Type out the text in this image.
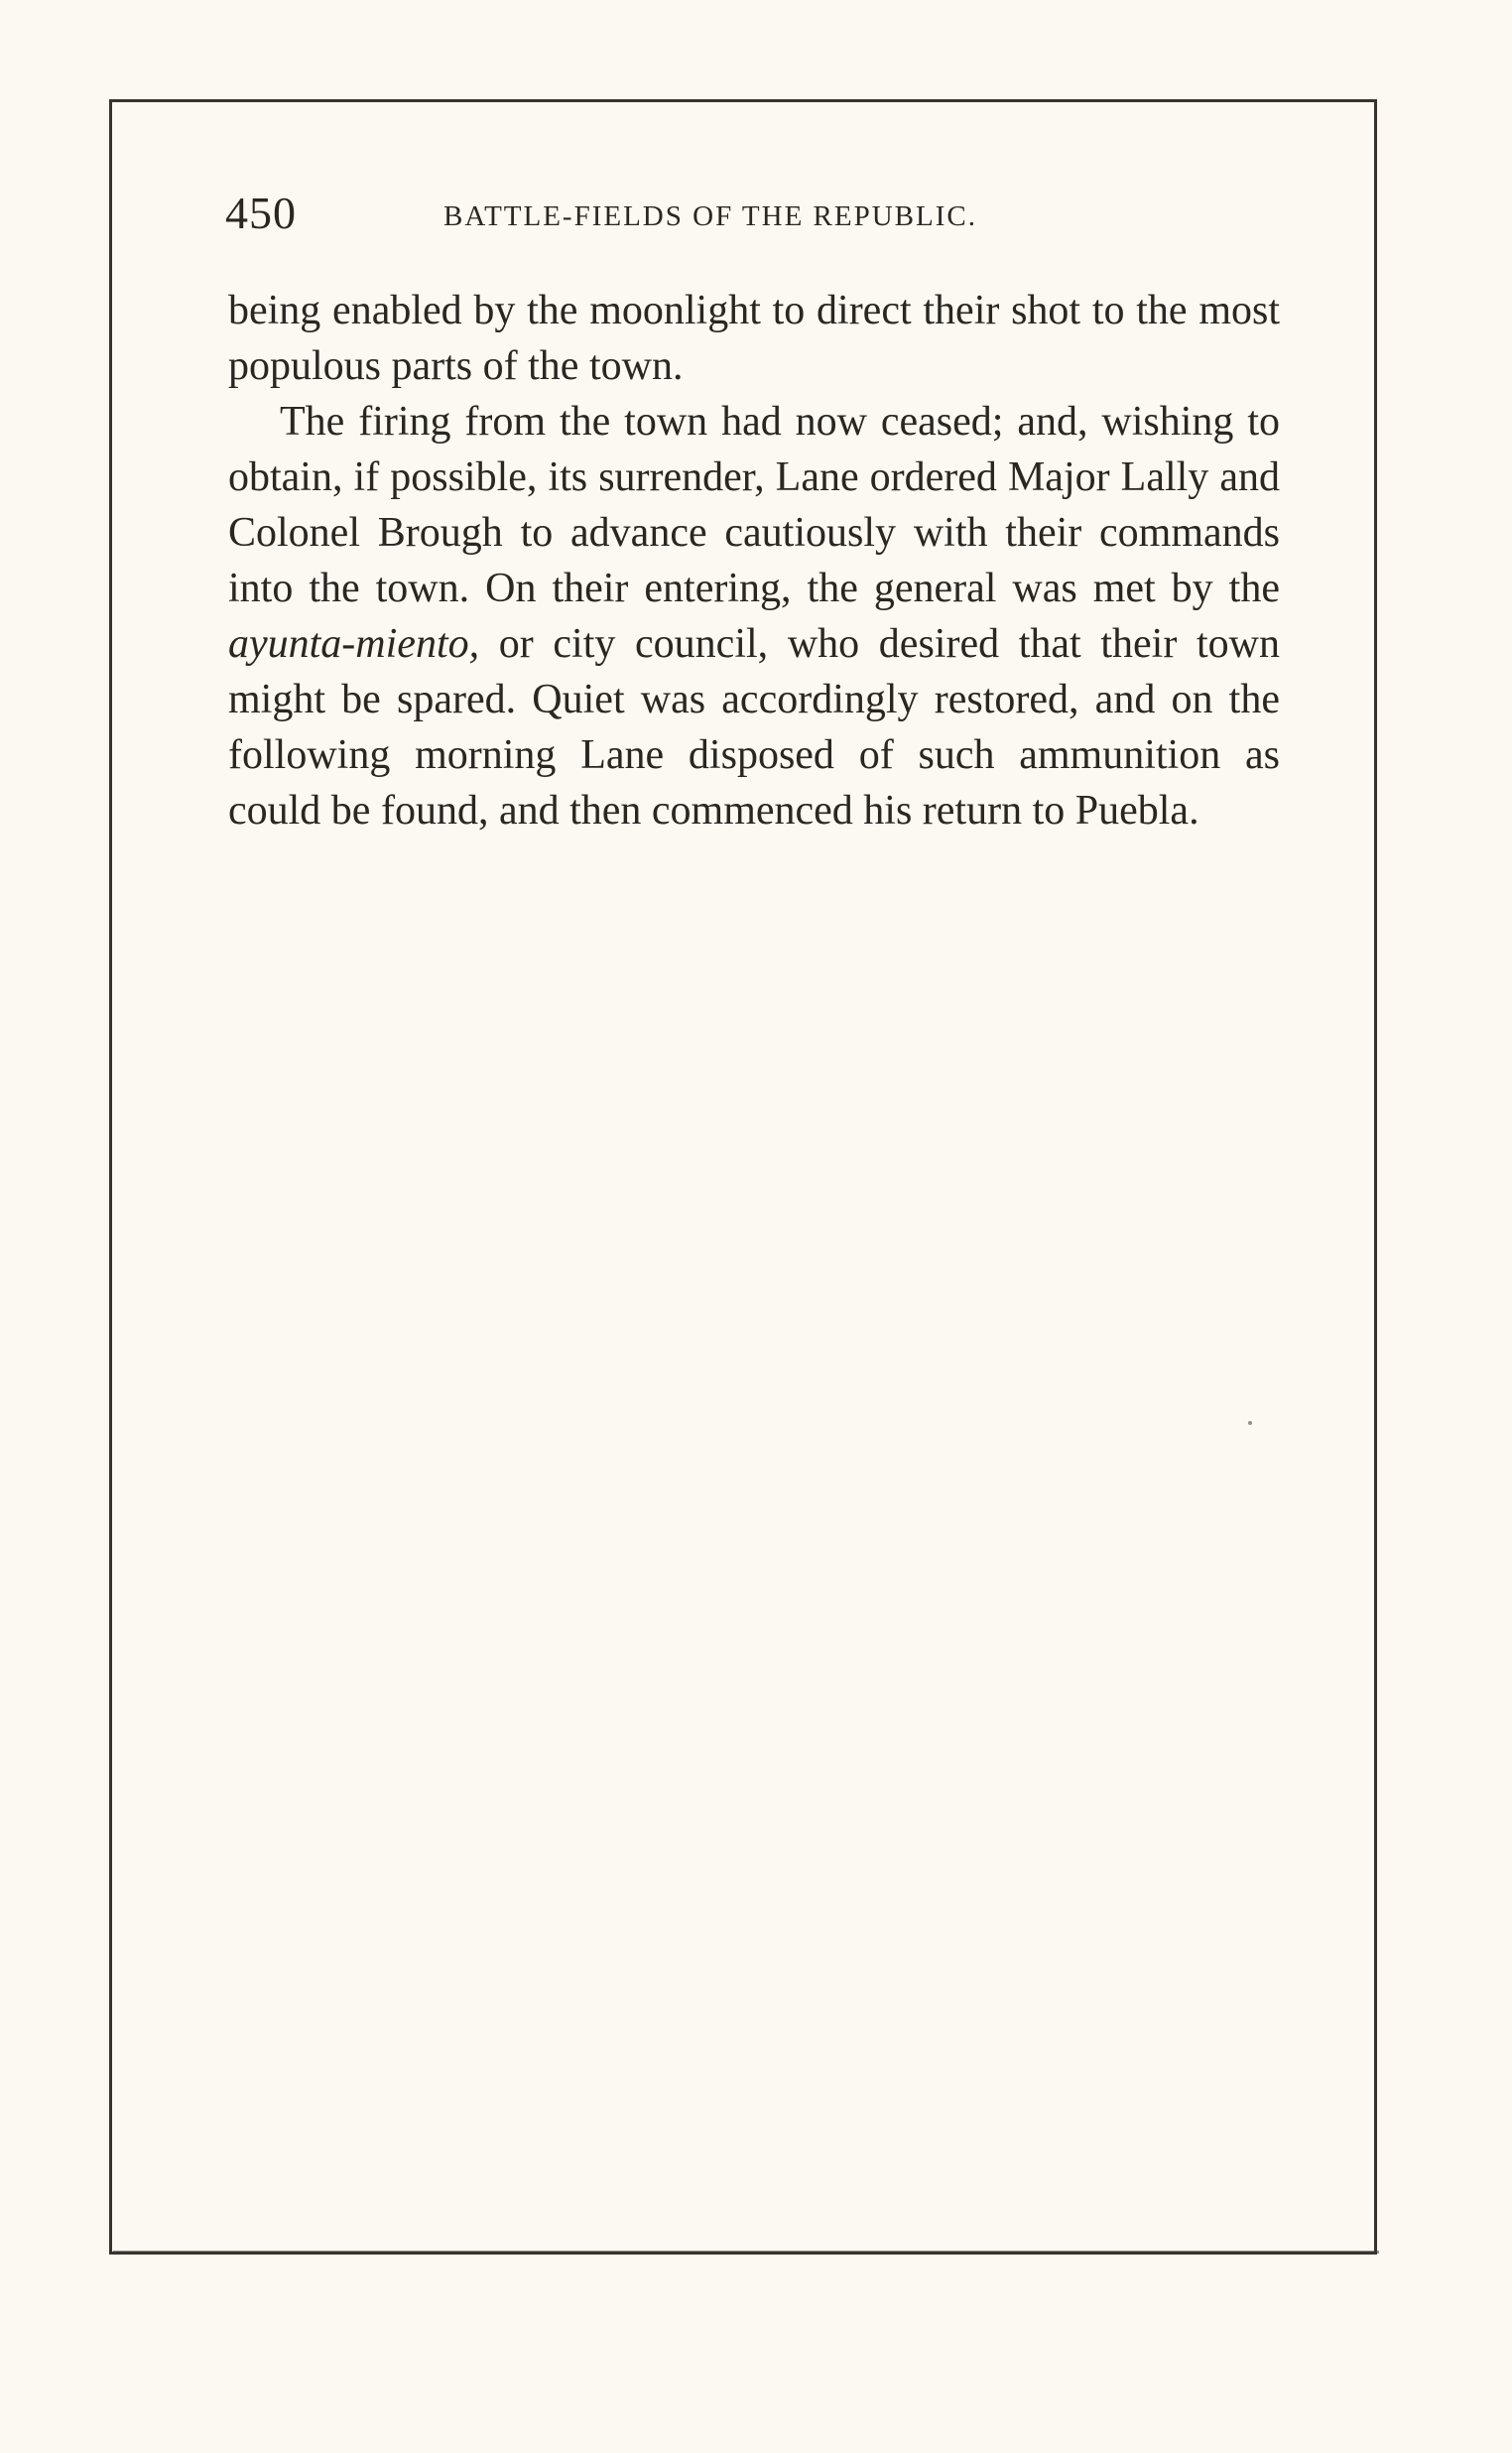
450	BATTLE-FIELDS OF THE REPUBLIC.

being enabled by the moonlight to direct their shot to the most populous parts of the town.

The firing from the town had now ceased; and, wishing to obtain, if possible, its surrender, Lane ordered Major Lally and Colonel Brough to advance cautiously with their commands into the town. On their entering, the general was met by the ayunta-miento, or city council, who desired that their town might be spared. Quiet was accordingly restored, and on the following morning Lane disposed of such ammunition as could be found, and then commenced his return to Puebla.
